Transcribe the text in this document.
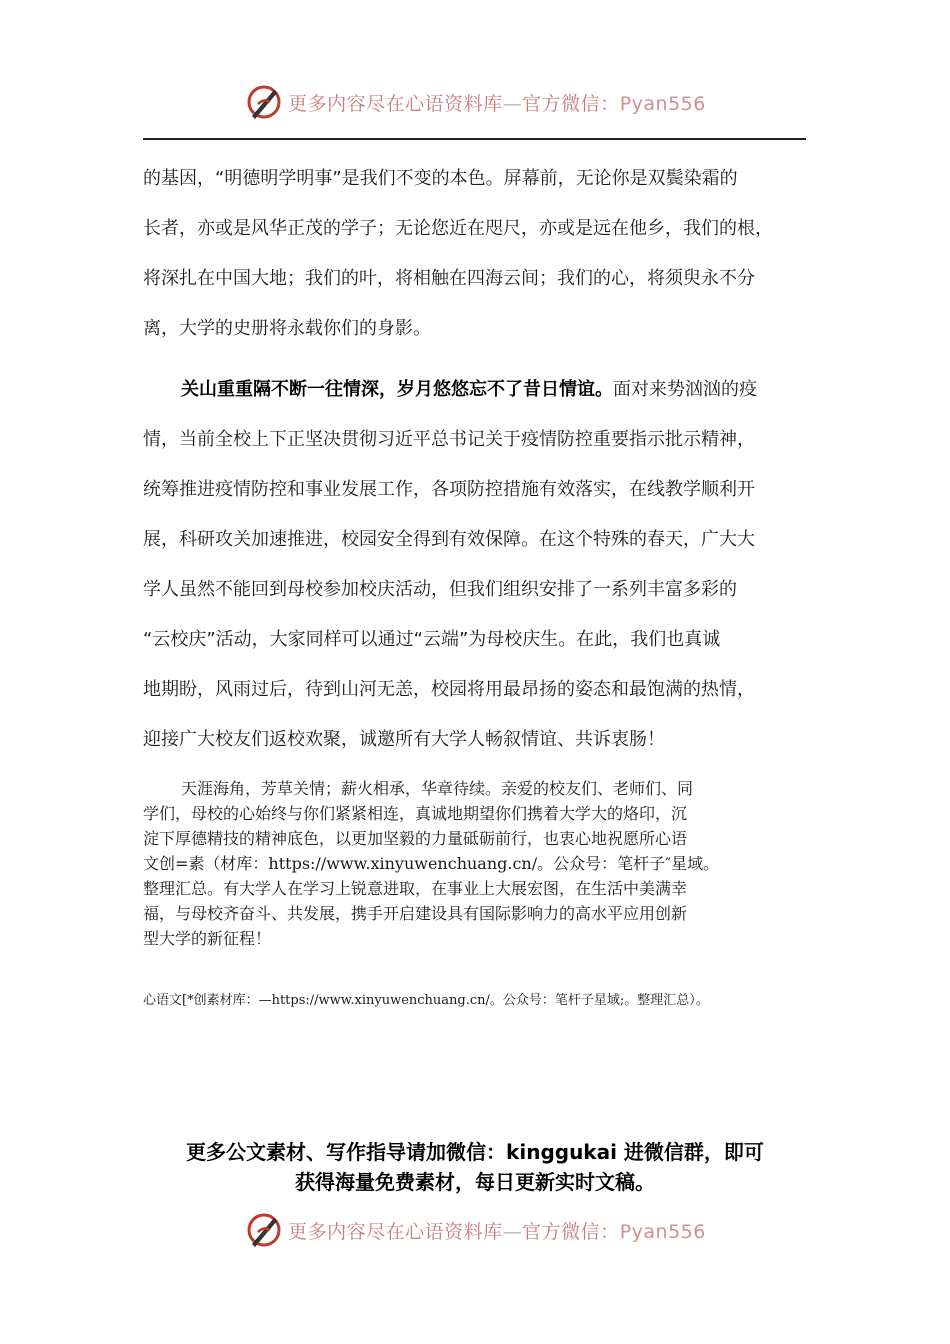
更多内容尽在心语资料库—官方微信：Pyan556
的基因，“明德明学明事”是我们不变的本色。屏幕前，无论你是双鬓染霜的
长者，亦或是风华正茂的学子；无论您近在咫尺，亦或是远在他乡，我们的根，
将深扎在中国大地；我们的叶，将相触在四海云间；我们的心，将须臾永不分
离，大学的史册将永载你们的身影。
关山重重隔不断一往情深，岁月悠悠忘不了昔日情谊。面对来势汹汹的疫
情，当前全校上下正坚决贯彻习近平总书记关于疫情防控重要指示批示精神，
统筹推进疫情防控和事业发展工作，各项防控措施有效落实，在线教学顺利开
展，科研攻关加速推进，校园安全得到有效保障。在这个特殊的春天，广大大
学人虽然不能回到母校参加校庆活动，但我们组织安排了一系列丰富多彩的
“云校庆”活动，大家同样可以通过“云端”为母校庆生。在此，我们也真诚
地期盼，风雨过后，待到山河无恙，校园将用最昂扬的姿态和最饱满的热情，
迎接广大校友们返校欢聚，诚邀所有大学人畅叙情谊、共诉衷肠！
天涯海角，芳草关情；薪火相承，华章待续。亲爱的校友们、老师们、同
学们，母校的心始终与你们紧紧相连，真诚地期望你们携着大学大的烙印，沉
淀下厚德精技的精神底色，以更加坚毅的力量砥砺前行，也衷心地祝愿所心语
文创=素（材库：https://www.xinyuwenchuang.cn/。公众号：笔杆子″星域。
整理汇总。有大学人在学习上锐意进取，在事业上大展宏图，在生活中美满幸
福，与母校齐奋斗、共发展，携手开启建设具有国际影响力的高水平应用创新
型大学的新征程！
心语文[*创素材库：—https://www.xinyuwenchuang.cn/。公众号：笔杆子星域;。整理汇总）。
更多公文素材、写作指导请加微信：kinggukai 进微信群，即可
获得海量免费素材，每日更新实时文稿。
更多内容尽在心语资料库—官方微信：Pyan556
